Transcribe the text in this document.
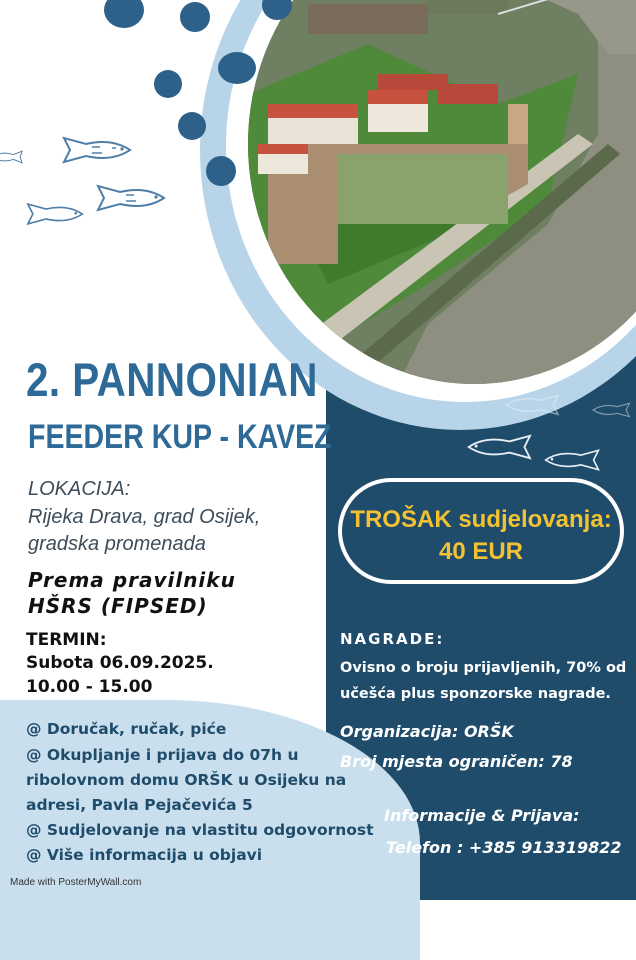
2. PANNONIAN
FEEDER KUP - KAVEZ
LOKACIJA:
Rijeka Drava, grad Osijek,
gradska promenada
Prema pravilniku
HŠRS (FIPSED)
TERMIN:
Subota 06.09.2025.
10.00 - 15.00
@ Doručak, ručak, piće
@ Okupljanje i prijava do 07h u
ribolovnom domu ORŠK u Osijeku na
adresi, Pavla Pejačevića 5
@ Sudjelovanje na vlastitu odgovornost
@ Više informacija u objavi
TROŠAK sudjelovanja:
40 EUR
NAGRADE:
Ovisno o broju prijavljenih, 70% od
učešća plus sponzorske nagrade.
Organizacija: ORŠK
Broj mjesta ograničen: 78
Informacije & Prijava:
Telefon : +385 913319822
Made with PosterMyWall.com
